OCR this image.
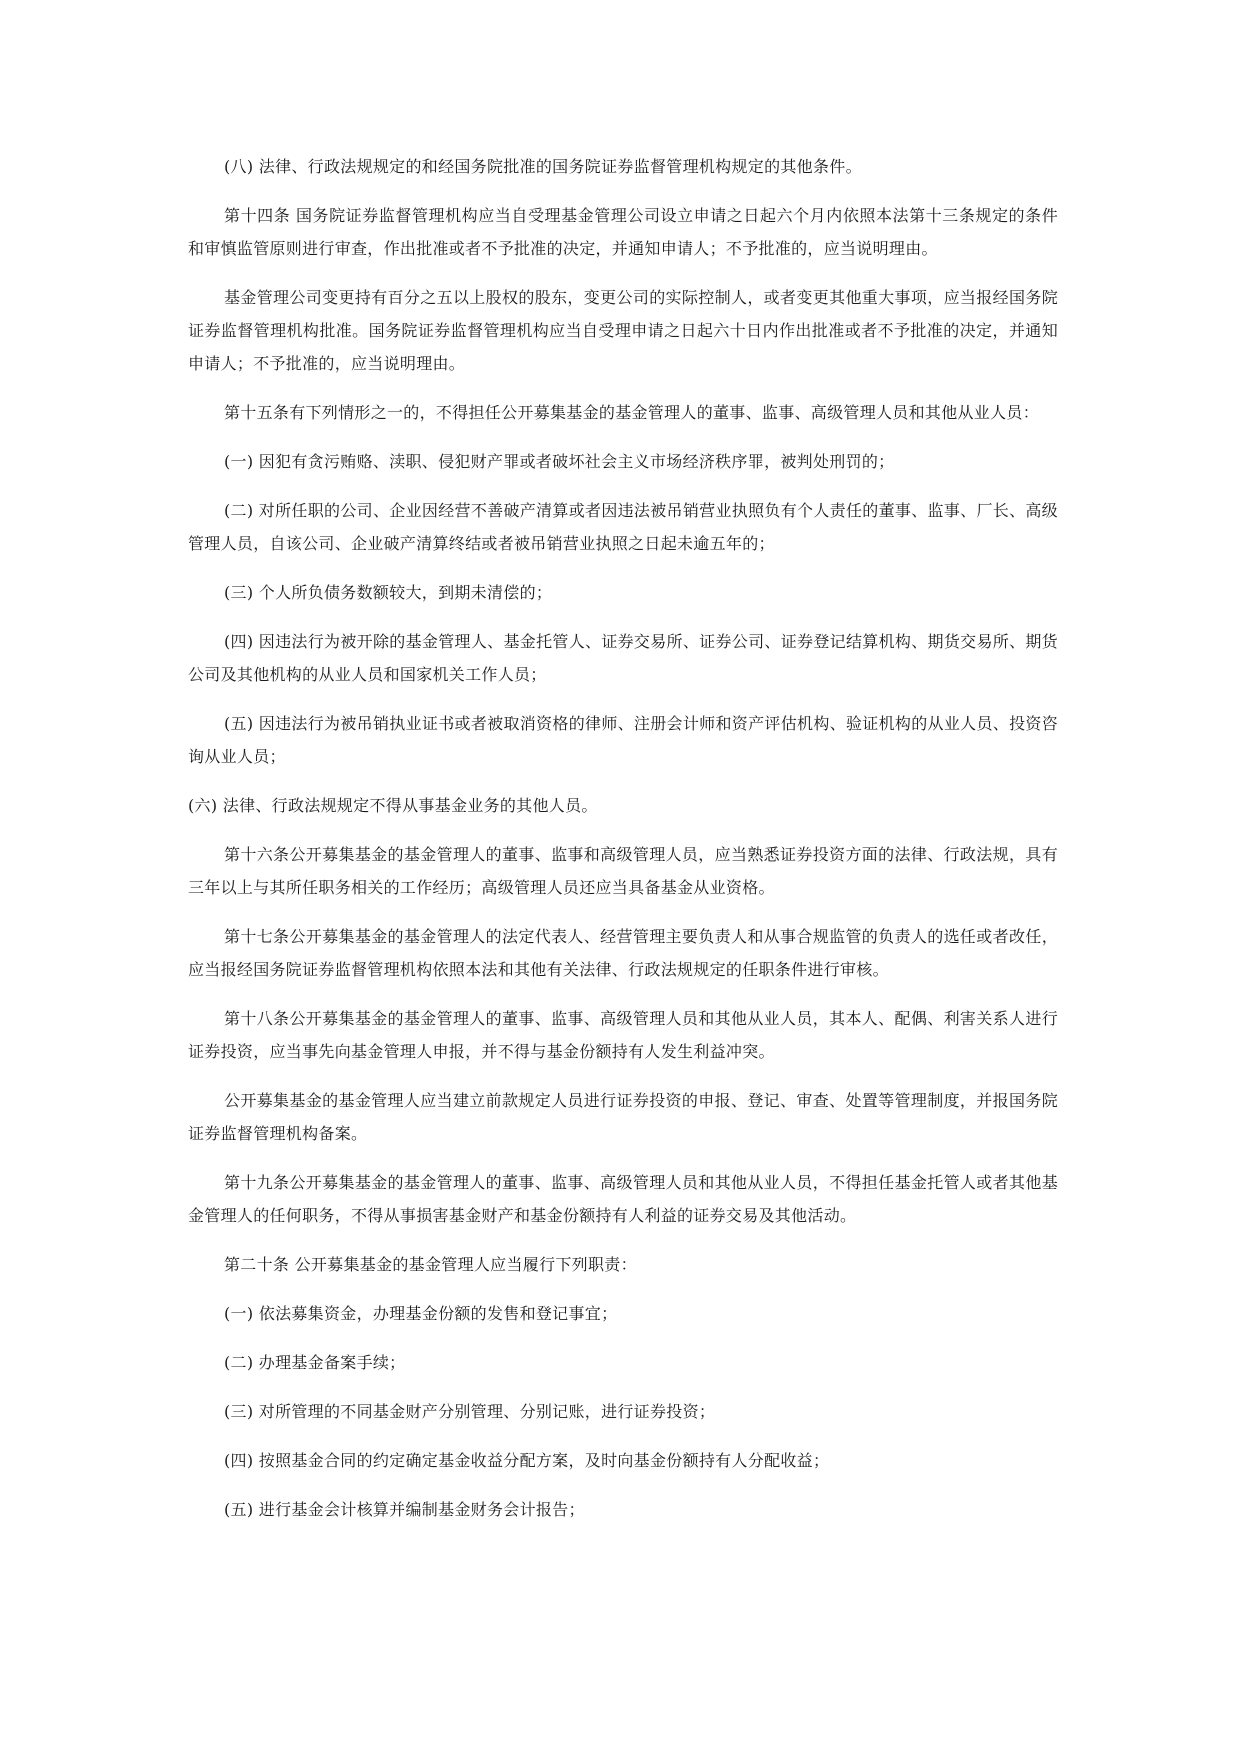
(八) 法律、行政法规规定的和经国务院批准的国务院证券监督管理机构规定的其他条件。

第十四条 国务院证券监督管理机构应当自受理基金管理公司设立申请之日起六个月内依照本法第十三条规定的条件和审慎监管原则进行审查，作出批准或者不予批准的决定，并通知申请人；不予批准的，应当说明理由。

基金管理公司变更持有百分之五以上股权的股东，变更公司的实际控制人，或者变更其他重大事项，应当报经国务院证券监督管理机构批准。国务院证券监督管理机构应当自受理申请之日起六十日内作出批准或者不予批准的决定，并通知申请人；不予批准的，应当说明理由。

第十五条有下列情形之一的，不得担任公开募集基金的基金管理人的董事、监事、高级管理人员和其他从业人员：

(一) 因犯有贪污贿赂、渎职、侵犯财产罪或者破坏社会主义市场经济秩序罪，被判处刑罚的；

(二) 对所任职的公司、企业因经营不善破产清算或者因违法被吊销营业执照负有个人责任的董事、监事、厂长、高级管理人员，自该公司、企业破产清算终结或者被吊销营业执照之日起未逾五年的；

(三) 个人所负债务数额较大，到期未清偿的；

(四) 因违法行为被开除的基金管理人、基金托管人、证券交易所、证券公司、证券登记结算机构、期货交易所、期货公司及其他机构的从业人员和国家机关工作人员；

(五) 因违法行为被吊销执业证书或者被取消资格的律师、注册会计师和资产评估机构、验证机构的从业人员、投资咨询从业人员；

(六) 法律、行政法规规定不得从事基金业务的其他人员。

第十六条公开募集基金的基金管理人的董事、监事和高级管理人员，应当熟悉证券投资方面的法律、行政法规，具有三年以上与其所任职务相关的工作经历；高级管理人员还应当具备基金从业资格。

第十七条公开募集基金的基金管理人的法定代表人、经营管理主要负责人和从事合规监管的负责人的选任或者改任，应当报经国务院证券监督管理机构依照本法和其他有关法律、行政法规规定的任职条件进行审核。

第十八条公开募集基金的基金管理人的董事、监事、高级管理人员和其他从业人员，其本人、配偶、利害关系人进行证券投资，应当事先向基金管理人申报，并不得与基金份额持有人发生利益冲突。

公开募集基金的基金管理人应当建立前款规定人员进行证券投资的申报、登记、审查、处置等管理制度，并报国务院证券监督管理机构备案。

第十九条公开募集基金的基金管理人的董事、监事、高级管理人员和其他从业人员，不得担任基金托管人或者其他基金管理人的任何职务，不得从事损害基金财产和基金份额持有人利益的证券交易及其他活动。

第二十条 公开募集基金的基金管理人应当履行下列职责：

(一) 依法募集资金，办理基金份额的发售和登记事宜；

(二) 办理基金备案手续；

(三) 对所管理的不同基金财产分别管理、分别记账，进行证券投资；

(四) 按照基金合同的约定确定基金收益分配方案，及时向基金份额持有人分配收益；

(五) 进行基金会计核算并编制基金财务会计报告；
